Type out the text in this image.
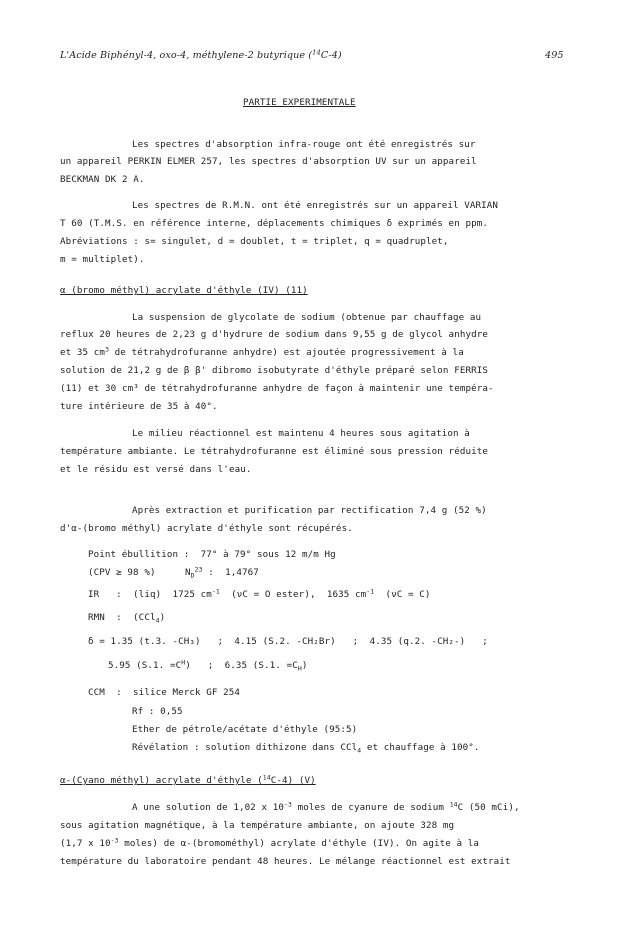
L'Acide Biphényl-4, oxo-4, méthylene-2 butyrique ($^{14}$C-4)	495
PARTIE EXPERIMENTALE
Les spectres d'absorption infra-rouge ont été enregistrés sur
un appareil PERKIN ELMER 257, les spectres d'absorption UV sur un appareil
BECKMAN DK 2 A.
Les spectres de R.M.N. ont été enregistrés sur un appareil VARIAN
T 60 (T.M.S. en référence interne, déplacements chimiques δ exprimés en ppm.
Abréviations : s= singulet, d = doublet, t = triplet, q = quadruplet,
m = multiplet).
α (bromo méthyl) acrylate d'éthyle (IV) (11)
La suspension de glycolate de sodium (obtenue par chauffage au
reflux 20 heures de 2,23 g d'hydrure de sodium dans 9,55 g de glycol anhydre
et 35 $cm^3$ de tétrahydrofuranne anhydre) est ajoutée progressivement à la
solution de 21,2 g de β β' dibromo isobutyrate d'éthyle préparé selon FERRIS
(11) et 30 cm³ de tétrahydrofuranne anhydre de façon à maintenir une tempéra-
ture intérieure de 35 à 40°.
Le milieu réactionnel est maintenu 4 heures sous agitation à
température ambiante. Le tétrahydrofuranne est éliminé sous pression réduite
et le résidu est versé dans l'eau.
Après extraction et purification par rectification 7,4 g (52 %)
d'α-(bromo méthyl) acrylate d'éthyle sont récupérés.
Point ébullition :  77° à 79° sous 12 m/m Hg
(CPV ≥ 98 %)	$N_D^{23}$ :  1,4767
IR   :  (liq)  1725 $cm^{-1}$  (νC = O ester),  1635 $cm^{-1}$  (νC = C)
RMN  :  (CCl$_4$)
δ = 1.35 (t.3. -CH₃)   ;  4.15 (S.2. -CH₂Br)   ;  4.35 (q.2. -CH₂-)   ;
5.95 (S.1. $=C^H$)   ;  6.35 (S.1. $=C_H$)
CCM  :  silice Merck GF 254
Rf : 0,55
Ether de pétrole/acétate d'éthyle (95:5)
Révélation : solution dithizone dans CCl$_4$ et chauffage à 100°.
α-(Cyano méthyl) acrylate d'éthyle ($^{14}$C-4) (V)
A une solution de 1,02 x $10^{-3}$ moles de cyanure de sodium $^{14}$C (50 mCi),
sous agitation magnétique, à la température ambiante, on ajoute 328 mg
(1,7 x $10^{-3}$ moles) de α-(bromométhyl) acrylate d'éthyle (IV). On agite à la
température du laboratoire pendant 48 heures. Le mélange réactionnel est extrait
